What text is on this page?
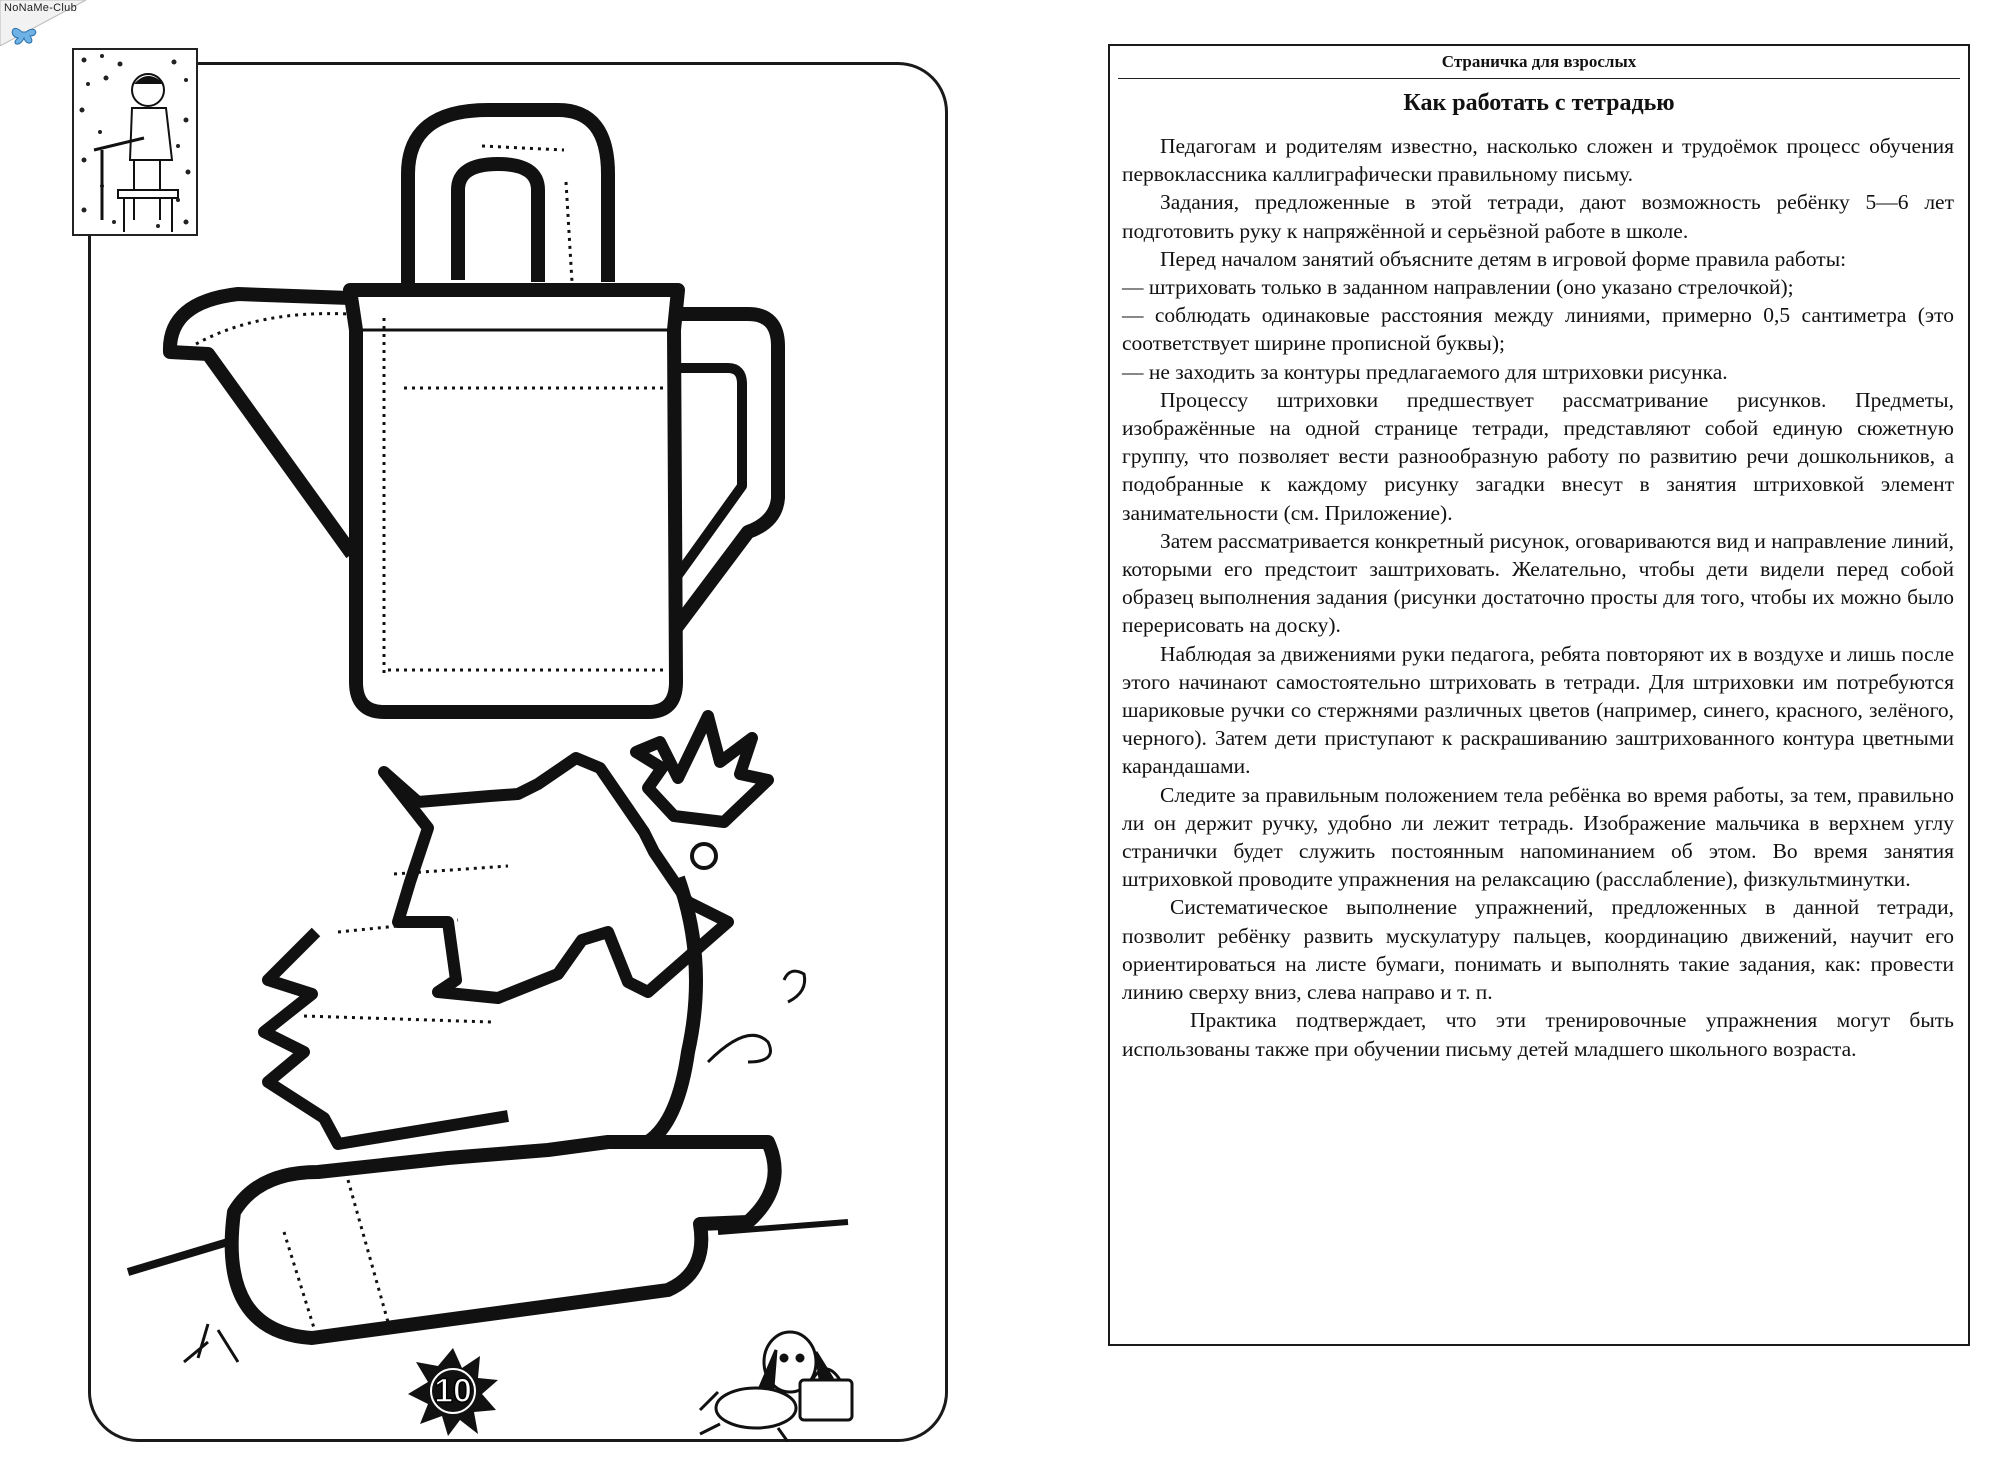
NoNaMe-Club
10
Страничка для взрослых
Как работать с тетрадью

Педагогам и родителям известно, насколько сложен и трудоёмок процесс обучения первоклассника каллиграфически правильному письму.

Задания, предложенные в этой тетради, дают возможность ребёнку 5—6 лет подготовить руку к напряжённой и серьёзной работе в школе.

Перед началом занятий объясните детям в игровой форме правила работы:

— штриховать только в заданном направлении (оно указано стрелочкой);

— соблюдать одинаковые расстояния между линиями, примерно 0,5 сантиметра (это соответствует ширине прописной буквы);

— не заходить за контуры предлагаемого для штриховки рисунка.

Процессу штриховки предшествует рассматривание рисунков. Предметы, изображённые на одной странице тетради, представляют собой единую сюжетную группу, что позволяет вести разнообразную работу по развитию речи дошкольников, а подобранные к каждому рисунку загадки внесут в занятия штриховкой элемент занимательности (см. Приложение).

Затем рассматривается конкретный рисунок, оговариваются вид и направление линий, которыми его предстоит заштриховать. Желательно, чтобы дети видели перед собой образец выполнения задания (рисунки достаточно просты для того, чтобы их можно было перерисовать на доску).

Наблюдая за движениями руки педагога, ребята повторяют их в воздухе и лишь после этого начинают самостоятельно штриховать в тетради. Для штриховки им потребуются шариковые ручки со стержнями различных цветов (например, синего, красного, зелёного, черного). Затем дети приступают к раскрашиванию заштрихованного контура цветными карандашами.

Следите за правильным положением тела ребёнка во время работы, за тем, правильно ли он держит ручку, удобно ли лежит тетрадь. Изображение мальчика в верхнем углу странички будет служить постоянным напоминанием об этом. Во время занятия штриховкой проводите упражнения на релаксацию (расслабление), физкультминутки.

Систематическое выполнение упражнений, предложенных в данной тетради, позволит ребёнку развить мускулатуру пальцев, координацию движений, научит его ориентироваться на листе бумаги, понимать и выполнять такие задания, как: провести линию сверху вниз, слева направо и т. п.

Практика подтверждает, что эти тренировочные упражнения могут быть использованы также при обучении письму детей младшего школьного возраста.
